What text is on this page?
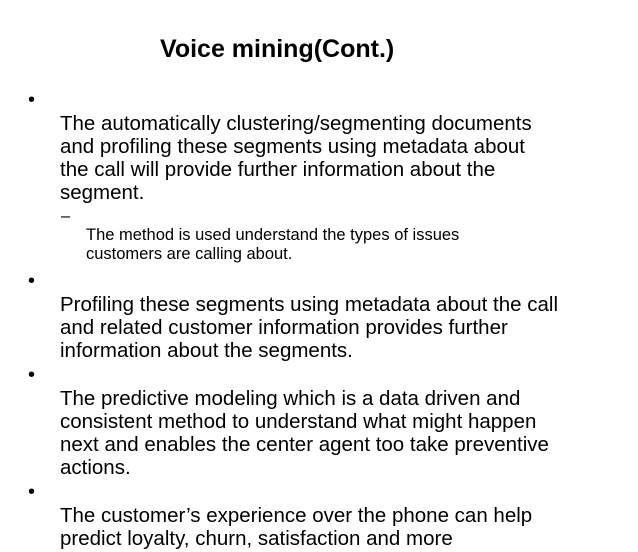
Voice mining(Cont.)

•
The automatically clustering/segmenting documents
and profiling these segments using metadata about
the call will provide further information about the
segment.

–
The method is used understand the types of issues
customers are calling about.

•
Profiling these segments using metadata about the call
and related customer information provides further
information about the segments.

•
The predictive modeling which is a data driven and
consistent method to understand what might happen
next and enables the center agent too take preventive
actions.

•
The customer’s experience over the phone can help
predict loyalty, churn, satisfaction and more
